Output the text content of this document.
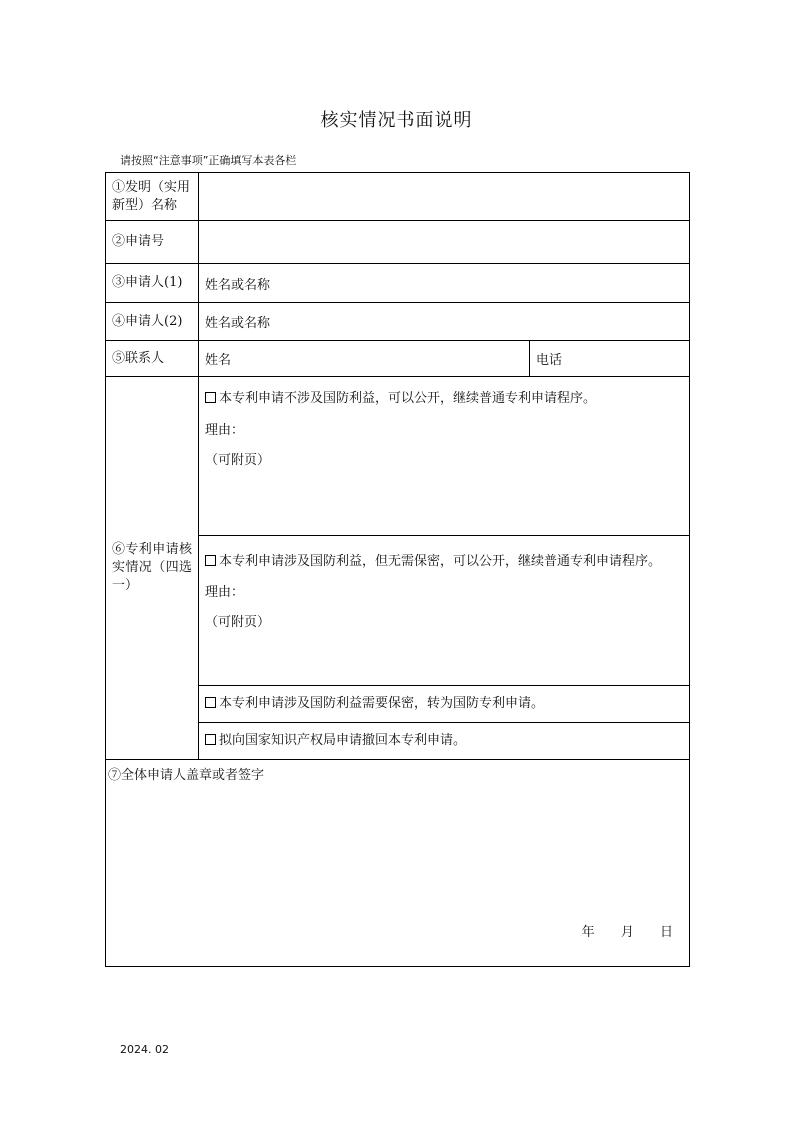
核实情况书面说明
请按照“注意事项”正确填写本表各栏
①发明（实用新型）名称		
②申请号		
③申请人(1)	姓名或名称	
④申请人(2)	姓名或名称	
⑤联系人	姓名	电话
⑥专利申请核实情况（四选一）	本专利申请不涉及国防利益，可以公开，继续普通专利申请程序。
理由：
（可附页）	

	本专利申请涉及国防利益，但无需保密，可以公开，继续普通专利申请程序。
理由：
（可附页）	

	本专利申请涉及国防利益需要保密，转为国防专利申请。	

	拟向国家知识产权局申请撤回本专利申请。	

⑦全体申请人盖章或者签字
年 月 日		
2024. 02
